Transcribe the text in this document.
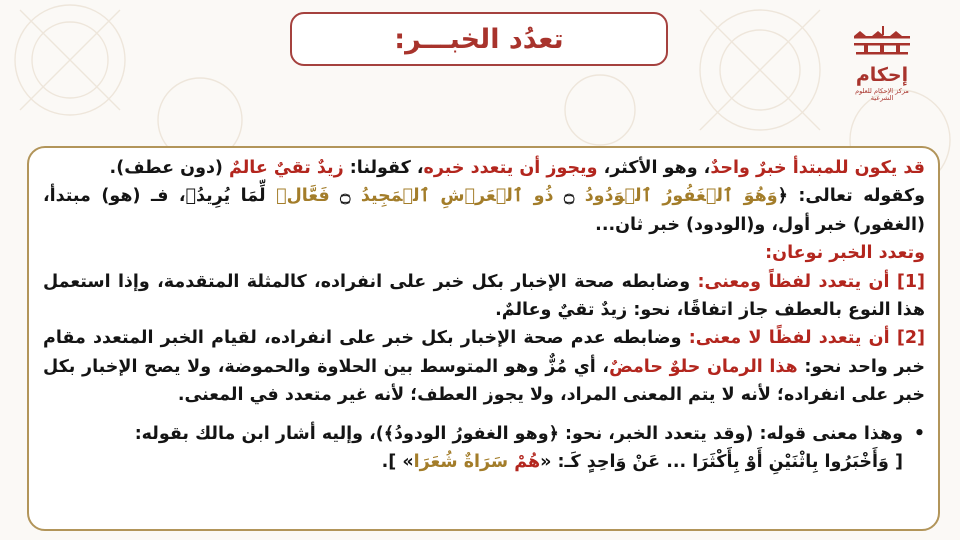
تعدُد الخبـــر:
إحكام
مركز الإحكام للعلوم الشرعية

قد يكون للمبتدأ خبرٌ واحدٌ، وهو الأكثر، ويجوز أن يتعدد خبره، كقولنا: زيدٌ تقيٌ عالمٌ (دون عطف).

وكقوله تعالى: ﴿وَهُوَ ٱلۡغَفُورُ ٱلۡوَدُودُ ۝ ذُو ٱلۡعَرۡشِ ٱلۡمَجِيدُ ۝ فَعَّالٞ لِّمَا يُرِيدُ﴾، فـ (هو) مبتدأ، (الغفور) خبر أول، و(الودود) خبر ثان...

وتعدد الخبر نوعان:

[1] أن يتعدد لفظاً ومعنى: وضابطه صحة الإخبار بكل خبر على انفراده، كالمثلة المتقدمة، وإذا استعمل هذا النوع بالعطف جاز اتفاقًا، نحو: زيدٌ تقيٌ وعالمٌ.

[2] أن يتعدد لفظًا لا معنى: وضابطه عدم صحة الإخبار بكل خبر على انفراده، لقيام الخبر المتعدد مقام خبر واحد نحو: هذا الرمان حلوٌ حامضٌ، أي مُزٌّ وهو المتوسط بين الحلاوة والحموضة، ولا يصح الإخبار بكل خبر على انفراده؛ لأنه لا يتم المعنى المراد، ولا يجوز العطف؛ لأنه غير متعدد في المعنى.

•

وهذا معنى قوله: (وقد يتعدد الخبر، نحو: ﴿وهو الغفورُ الودودُ﴾)، وإليه أشار ابن مالك بقوله:

[ وَأَخْبَرُوا بِاثْنَيْنِ أَوْ بِأَكْثَرَا ... عَنْ وَاحِدٍ كَـ: «هُمْ سَرَاةٌ شُعَرَا» ].
